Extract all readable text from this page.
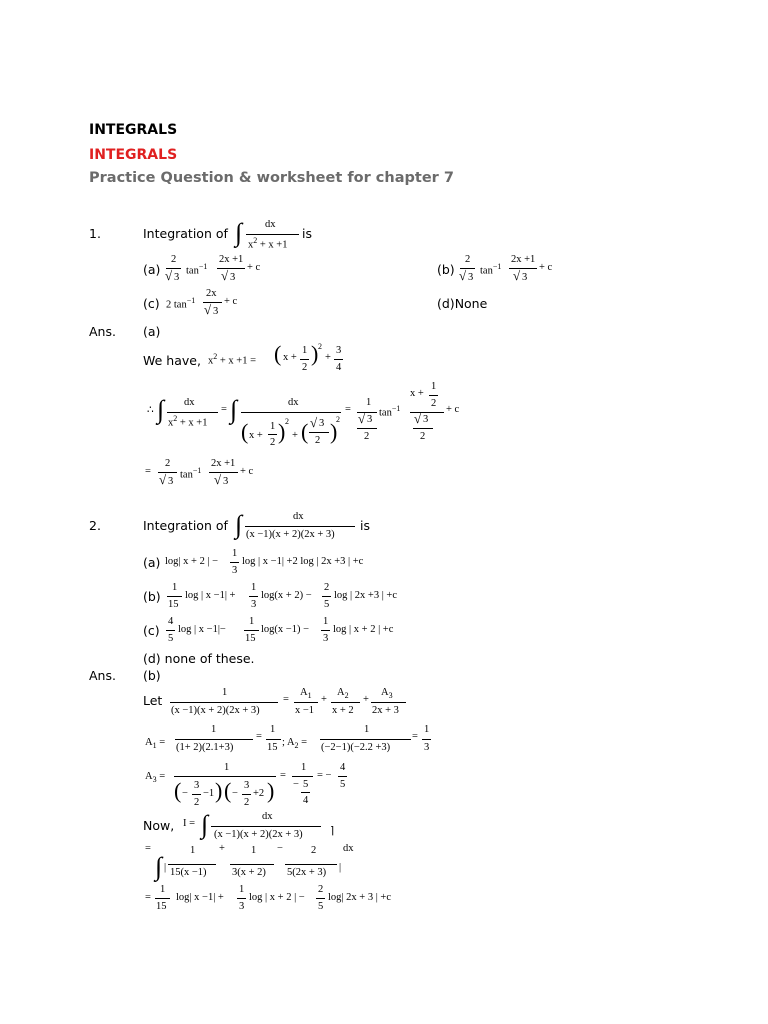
INTEGRALS
INTEGRALS
Practice Question & worksheet for chapter 7
1.	Integration of ∫ dx
$x^2 + x +1$
is
(a)
2
√ 3
$\tan^{-1}$
2x +1
√ 3
+ c	(b)
2
√ 3
$\tan^{-1}$
2x +1
√ 3
+ c
(c) 2 $\tan^{-1}$
2x
√ 3
+ c	(d)None
Ans. (a)
We have, $x^2 + x +1$ = ( x +
1
2
) 2
+
3
4
∴ ∫ dx
$x^2 + x +1$
= ∫	dx
( x +
1
2 ) 2
+ ( √ 3
2 )
2
=
1
√ 3
2
$\tan^{-1}$
x +
1
2
√ 3
2
+ c
=
2
√ 3
$\tan^{-1}$
2x +1
√ 3
+ c
2.	Integration of ∫	dx
(x −1)(x + 2)(2x + 3)
is
(a) log| x + 2 | −
1
3
log | x −1| +2 log | 2x +3 | +c
(b)
1
15
log | x −1| +
1
3
log(x + 2) −
2
5
log | 2x +3 | +c
(c)
4
5
log | x −1|−
1
15
log(x −1) −
1
3
log | x + 2 | +c
(d) none of these.
Ans. (b)
Let
1
(x −1)(x + 2)(2x + 3)
=
$A_1$
x −1
+
$A_2$
x + 2
+
$A_3$
2x + 3
$A_1$ =
1
(1+ 2)(2.1+3)
=
1
15 ; $A_2$ =
1
(−2−1)(−2.2 +3)
=
1
3
$A_3$ =
1
( −
3
2
−1 ) ( −
3
2
+2 )
=
1
− 5
4
= −
4
5
Now, I = ∫	dx
(x −1)(x + 2)(2x + 3)	⌉
=	dx
∫ |
1
15(x −1)
+ 1
3(x + 2)
−	2
5(2x + 3) |
=
1
15
log| x −1| +
1
3
log | x + 2 | −
2
5
log| 2x + 3 | +c
